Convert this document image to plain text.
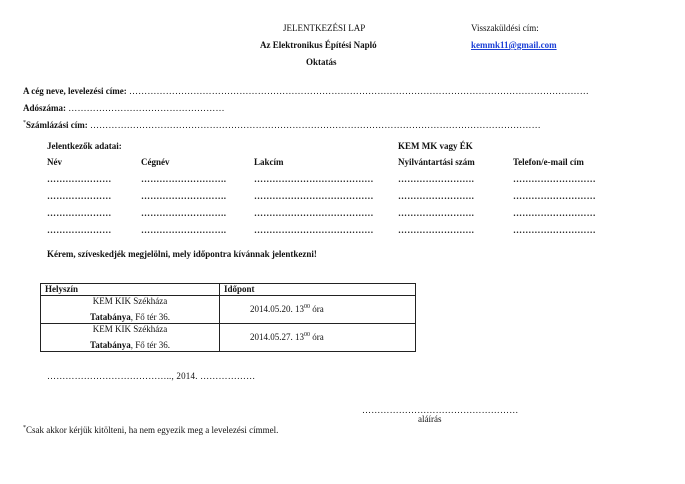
JELENTKEZÉSI LAP
Az Elektronikus Építési Napló
Oktatás
Visszaküldési cím:
kemmk11@gmail.com
A cég neve, levelezési címe: ……………………………………………………………………………………………………………………………………
Adószáma: ……………………………………………
*Számlázási cím: …………………………………………………………………………………………………………………………………
Jelentkezők adatai:	KEM MK vagy ÉK
Név	Cégnév	Lakcím	Nyilvántartási szám	Telefon/e-mail cím
…………………	……………………….	…………………………………	…………………….	………………………
…………………	……………………….	…………………………………	…………………….	………………………
…………………	……………………….	…………………………………	…………………….	………………………
…………………	……………………….	…………………………………	…………………….	………………………
Kérem, szíveskedjék megjelölni, mely időpontra kívánnak jelentkezni!
Helyszín	Időpont

KEM KIK Székháza
Tatabánya, Fő tér 36.	2014.05.20. $13^{00}$ óra

KEM KIK Székháza
Tatabánya, Fő tér 36.	2014.05.27. $13^{00}$ óra
………………………………….., 2014. ………………
……………………………………………
aláírás
*Csak akkor kérjük kitölteni, ha nem egyezik meg a levelezési címmel.
